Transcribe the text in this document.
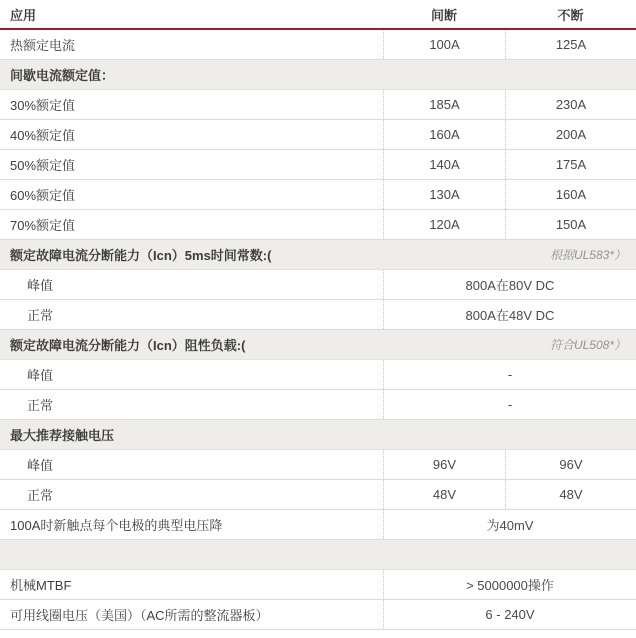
应用	间断	不断
热额定电流	100A	125A
间歇电流额定值：
30%额定值	185A	230A
40%额定值	160A	200A
50%额定值	140A	175A
60%额定值	130A	160A
70%额定值	120A	150A
额定故障电流分断能力（Icn）5ms时间常数:(	根据UL583*）
峰值	800A在80V DC
正常	800A在48V DC
额定故障电流分断能力（Icn）阻性负载:(	符合UL508*）
峰值	-
正常	-
最大推荐接触电压
峰值	96V	96V
正常	48V	48V
100A时新触点每个电极的典型电压降	为40mV
机械MTBF	> 5000000操作
可用线圈电压（美国）（AC所需的整流器板）	6 - 240V
